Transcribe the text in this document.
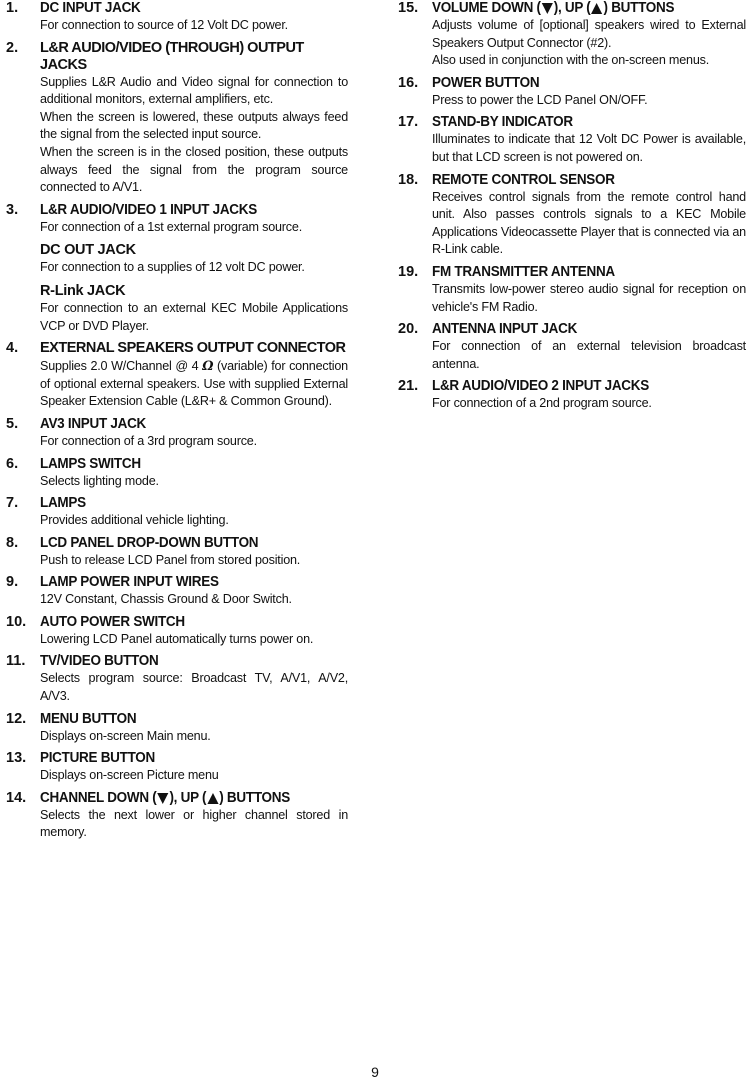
1.	DC INPUT JACK

For connection to source of 12 Volt DC power.

2.	L&R AUDIO/VIDEO (THROUGH) OUTPUT JACKS

Supplies L&R Audio and Video signal for connection to additional monitors, external amplifiers, etc.

When the screen is lowered, these outputs always feed the signal from the selected input source.

When the screen is in the closed position, these outputs always feed the signal from the program source connected to A/V1.

3.	L&R AUDIO/VIDEO 1 INPUT JACKS

For connection of a 1st external program source.

DC OUT JACK

For connection to a supplies of 12 volt DC power.

R-Link JACK

For connection to an external KEC Mobile Applications VCP or DVD Player.

4.	EXTERNAL SPEAKERS OUTPUT CONNECTOR

Supplies 2.0 W/Channel @ 4 Ω (variable) for connection of optional external speakers. Use with supplied External Speaker Extension Cable (L&R+ & Common Ground).

5.	AV3 INPUT JACK

For connection of a 3rd program source.

6.	LAMPS SWITCH

Selects lighting mode.

7.	LAMPS

Provides additional vehicle lighting.

8.	LCD PANEL DROP-DOWN BUTTON

Push to release LCD Panel from stored position.

9.	LAMP POWER INPUT WIRES

12V Constant, Chassis Ground & Door Switch.

10. AUTO POWER SWITCH

Lowering LCD Panel automatically turns power on.

11.	TV/VIDEO BUTTON

Selects program source: Broadcast TV, A/V1, A/V2, A/V3.

12. MENU BUTTON

Displays on-screen Main menu.

13. PICTURE BUTTON

Displays on-screen Picture menu

14. CHANNEL DOWN ( ), UP ( ) BUTTONS

Selects the next lower or higher channel stored in memory.

15. VOLUME DOWN ( ), UP ( ) BUTTONS

Adjusts volume of [optional] speakers wired to External Speakers Output Connector (#2).

Also used in conjunction with the on-screen menus.

16. POWER BUTTON

Press to power the LCD Panel ON/OFF.

17. STAND-BY INDICATOR

Illuminates to indicate that 12 Volt DC Power is available, but that LCD screen is not powered on.

18. REMOTE CONTROL SENSOR

Receives control signals from the remote control hand unit. Also passes controls signals to a KEC Mobile Applications Videocassette Player that is connected via an R-Link cable.

19. FM TRANSMITTER ANTENNA

Transmits low-power stereo audio signal for reception on vehicle's FM Radio.

20. ANTENNA INPUT JACK

For connection of an external television broadcast antenna.

21. L&R AUDIO/VIDEO 2 INPUT JACKS

For connection of a 2nd program source.

9
